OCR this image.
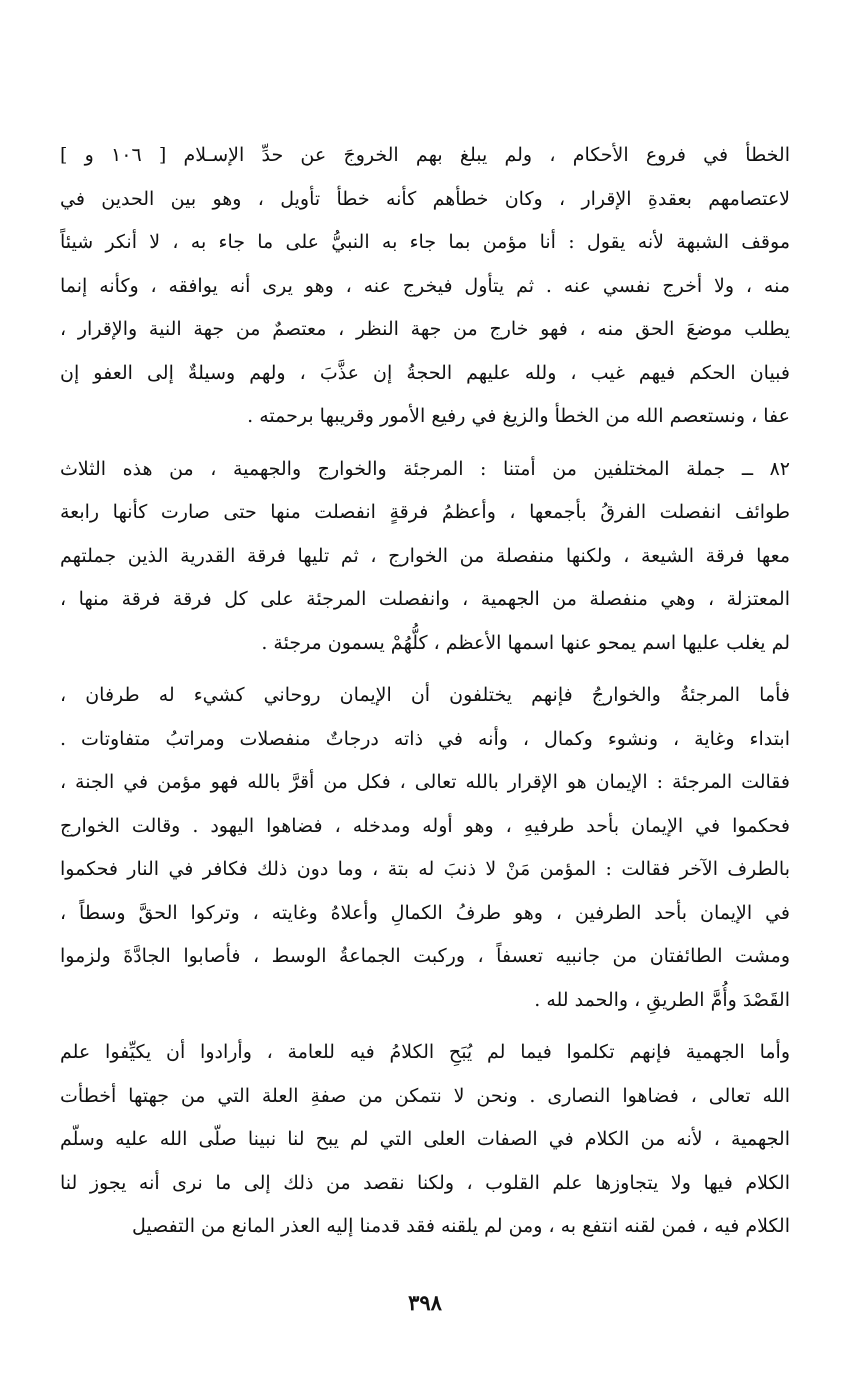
الخطأ في فروع الأحكام ، ولم يبلغ بهم الخروجَ عن حدِّ الإسـلام [ ١٠٦ و ]
لاعتصامهم بعقدةِ الإقرار ، وكان خطأهم كأنه خطأ تأويل ، وهو بين الحدين في
موقف الشبهة لأنه يقول : أنا مؤمن بما جاء به النبيُّ على ما جاء به ، لا أنكر شيئاً
منه ، ولا أخرج نفسي عنه . ثم يتأول فيخرج عنه ، وهو يرى أنه يوافقه ، وكأنه إنما
يطلب موضعَ الحق منه ، فهو خارج من جهة النظر ، معتصمٌ من جهة النية والإقرار ،
فبيان الحكم فيهم غيب ، ولله عليهم الحجةُ إن عذَّبَ ، ولهم وسيلةٌ إلى العفو إن
عفا ، ونستعصم الله من الخطأ والزيغ في رفيع الأمور وقريبها برحمته .
٨٢ ــ جملة المختلفين من أمتنا : المرجئة والخوارج والجهمية ، من هذه الثلاث
طوائف انفصلت الفرقُ بأجمعها ، وأعظمُ فرقةٍ انفصلت منها حتى صارت كأنها رابعة
معها فرقة الشيعة ، ولكنها منفصلة من الخوارج ، ثم تليها فرقة القدرية الذين جملتهم
المعتزلة ، وهي منفصلة من الجهمية ، وانفصلت المرجئة على كل فرقة فرقة منها ،
لم يغلب عليها اسم يمحو عنها اسمها الأعظم ، كلُّهُمْ يسمون مرجئة .
فأما المرجئةُ والخوارجُ فإنهم يختلفون أن الإيمان روحاني كشيء له طرفان ،
ابتداء وغاية ، ونشوء وكمال ، وأنه في ذاته درجاتٌ منفصلات ومراتبُ متفاوتات .
فقالت المرجئة : الإيمان هو الإقرار بالله تعالى ، فكل من أقرَّ بالله فهو مؤمن في الجنة ،
فحكموا في الإيمان بأحد طرفيهِ ، وهو أوله ومدخله ، فضاهوا اليهود . وقالت الخوارج
بالطرف الآخر فقالت : المؤمن مَنْ لا ذنبَ له بتة ، وما دون ذلك فكافر في النار فحكموا
في الإيمان بأحد الطرفين ، وهو طرفُ الكمالِ وأعلاهُ وغايته ، وتركوا الحقَّ وسطاً ،
ومشت الطائفتان من جانبيه تعسفاً ، وركبت الجماعةُ الوسط ، فأصابوا الجادَّةَ ولزموا
القَصْدَ وأُمَّ الطريقِ ، والحمد لله .
وأما الجهمية فإنهم تكلموا فيما لم يُبَحِ الكلامُ فيه للعامة ، وأرادوا أن يكيِّفوا علم
الله تعالى ، فضاهوا النصارى . ونحن لا نتمكن من صفةِ العلة التي من جهتها أخطأت
الجهمية ، لأنه من الكلام في الصفات العلى التي لم يبح لنا نبينا صلّى الله عليه وسلّم
الكلام فيها ولا يتجاوزها علم القلوب ، ولكنا نقصد من ذلك إلى ما نرى أنه يجوز لنا
الكلام فيه ، فمن لقنه انتفع به ، ومن لم يلقنه فقد قدمنا إليه العذر المانع من التفصيل
٣٩٨
